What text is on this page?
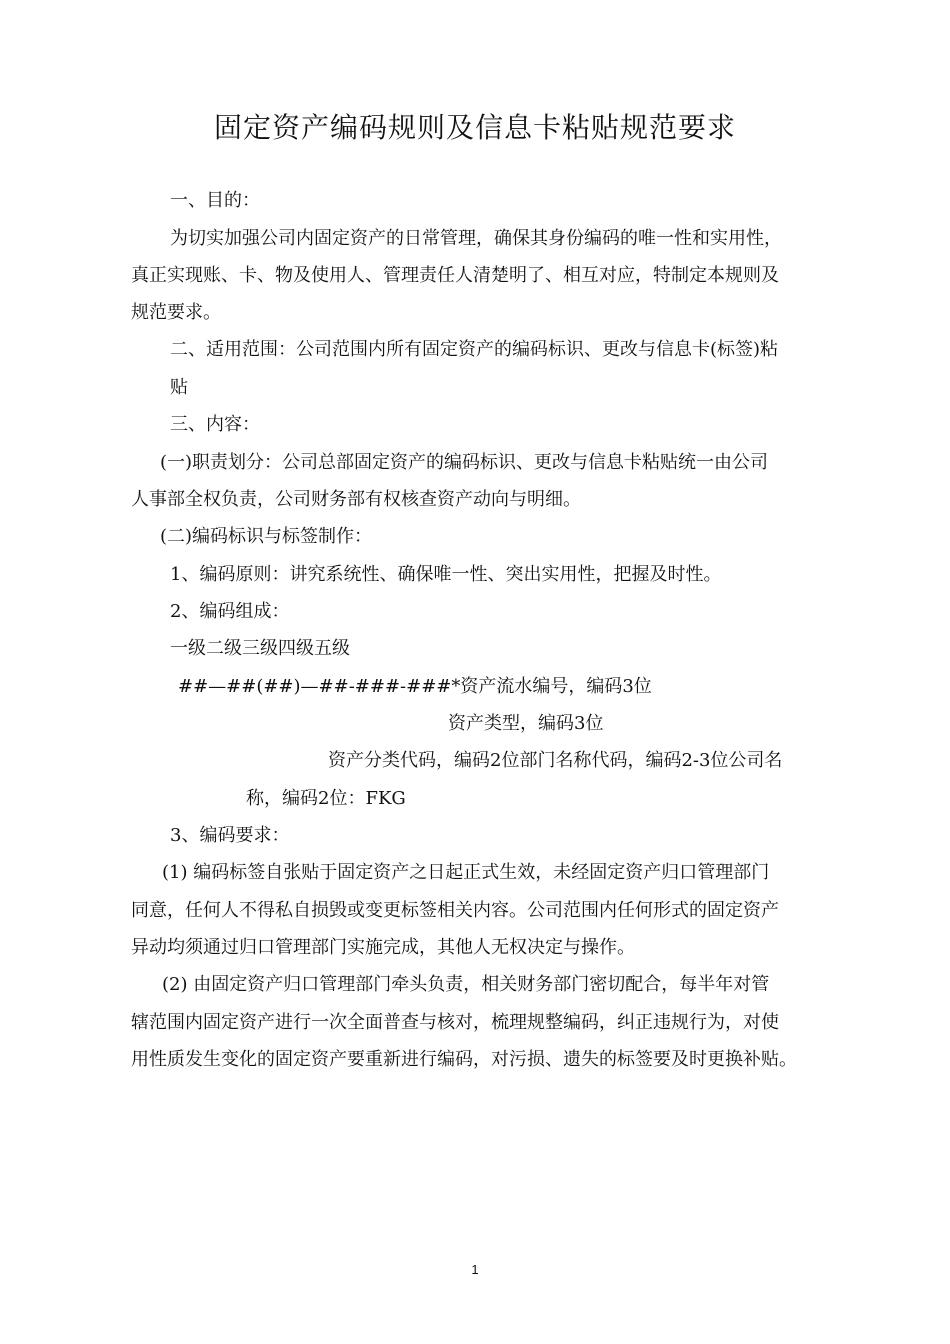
固定资产编码规则及信息卡粘贴规范要求
一、目的：
为切实加强公司内固定资产的日常管理，确保其身份编码的唯一性和实用性，
真正实现账、卡、物及使用人、管理责任人清楚明了、相互对应，特制定本规则及
规范要求。
二、适用范围：公司范围内所有固定资产的编码标识、更改与信息卡(标签)粘
贴
三、内容：
(一)职责划分：公司总部固定资产的编码标识、更改与信息卡粘贴统一由公司
人事部全权负责，公司财务部有权核查资产动向与明细。
(二)编码标识与标签制作：
1、编码原则：讲究系统性、确保唯一性、突出实用性，把握及时性。
2、编码组成：
一级二级三级四级五级
##—##(##)—##-###-###*资产流水编号，编码3位
资产类型，编码3位
资产分类代码，编码2位部门名称代码，编码2-3位公司名
称，编码2位：FKG
3、编码要求：
(1) 编码标签自张贴于固定资产之日起正式生效，未经固定资产归口管理部门
同意，任何人不得私自损毁或变更标签相关内容。公司范围内任何形式的固定资产
异动均须通过归口管理部门实施完成，其他人无权决定与操作。
(2) 由固定资产归口管理部门牵头负责，相关财务部门密切配合，每半年对管
辖范围内固定资产进行一次全面普查与核对，梳理规整编码，纠正违规行为，对使
用性质发生变化的固定资产要重新进行编码，对污损、遗失的标签要及时更换补贴。
1
